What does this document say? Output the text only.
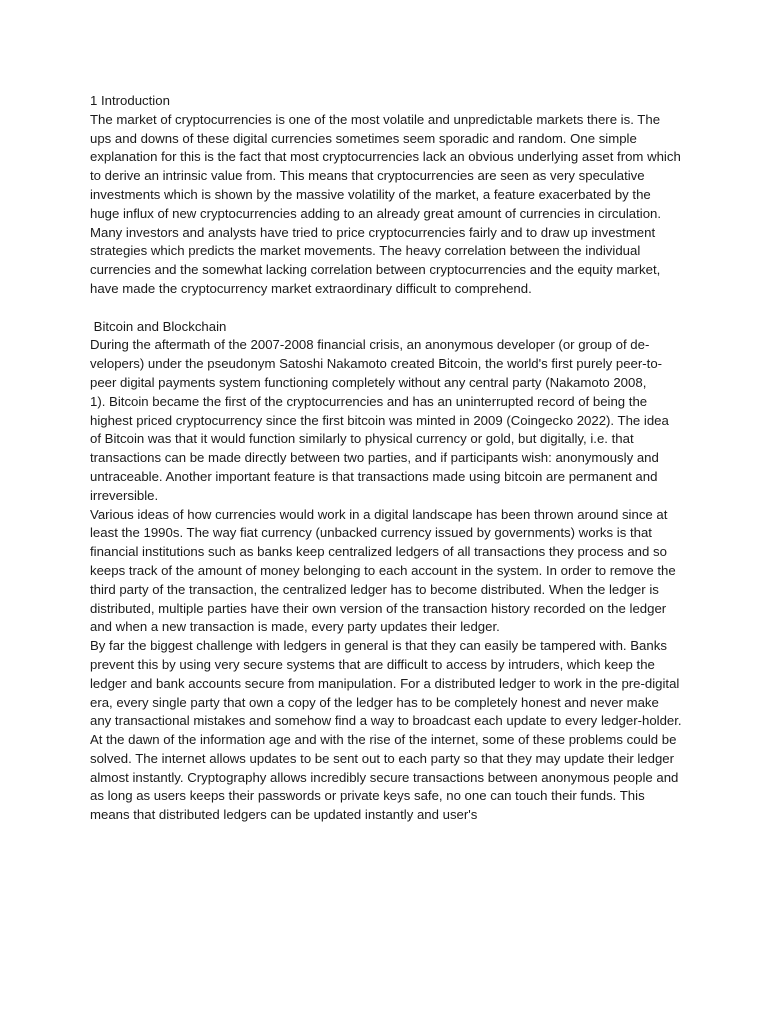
1 Introduction

The market of cryptocurrencies is one of the most volatile and unpredictable markets there is. The ups and downs of these digital currencies sometimes seem sporadic and random. One simple explanation for this is the fact that most cryptocurrencies lack an obvious underlying asset from which to derive an intrinsic value from. This means that cryptocurrencies are seen as very speculative investments which is shown by the massive volatility of the market, a feature exacerbated by the huge influx of new cryptocurrencies adding to an already great amount of currencies in circulation.

Many investors and analysts have tried to price cryptocurrencies fairly and to draw up investment strategies which predicts the market movements. The heavy correlation between the individual currencies and the somewhat lacking correlation between cryptocurrencies and the equity market, have made the cryptocurrency market extraordinary difficult to comprehend.

Bitcoin and Blockchain

During the aftermath of the 2007-2008 financial crisis, an anonymous developer (or group of de-velopers) under the pseudonym Satoshi Nakamoto created Bitcoin, the world's first purely peer-to-peer digital payments system functioning completely without any central party (Nakamoto 2008,

1). Bitcoin became the first of the cryptocurrencies and has an uninterrupted record of being the highest priced cryptocurrency since the first bitcoin was minted in 2009 (Coingecko 2022). The idea of Bitcoin was that it would function similarly to physical currency or gold, but digitally, i.e. that transactions can be made directly between two parties, and if participants wish: anonymously and untraceable. Another important feature is that transactions made using bitcoin are permanent and irreversible.

Various ideas of how currencies would work in a digital landscape has been thrown around since at least the 1990s. The way fiat currency (unbacked currency issued by governments) works is that financial institutions such as banks keep centralized ledgers of all transactions they process and so keeps track of the amount of money belonging to each account in the system. In order to remove the third party of the transaction, the centralized ledger has to become distributed. When the ledger is distributed, multiple parties have their own version of the transaction history recorded on the ledger and when a new transaction is made, every party updates their ledger.

By far the biggest challenge with ledgers in general is that they can easily be tampered with. Banks prevent this by using very secure systems that are difficult to access by intruders, which keep the ledger and bank accounts secure from manipulation. For a distributed ledger to work in the pre-digital era, every single party that own a copy of the ledger has to be completely honest and never make any transactional mistakes and somehow find a way to broadcast each update to every ledger-holder. At the dawn of the information age and with the rise of the internet, some of these problems could be solved. The internet allows updates to be sent out to each party so that they may update their ledger almost instantly. Cryptography allows incredibly secure transactions between anonymous people and as long as users keeps their passwords or private keys safe, no one can touch their funds. This means that distributed ledgers can be updated instantly and user's
